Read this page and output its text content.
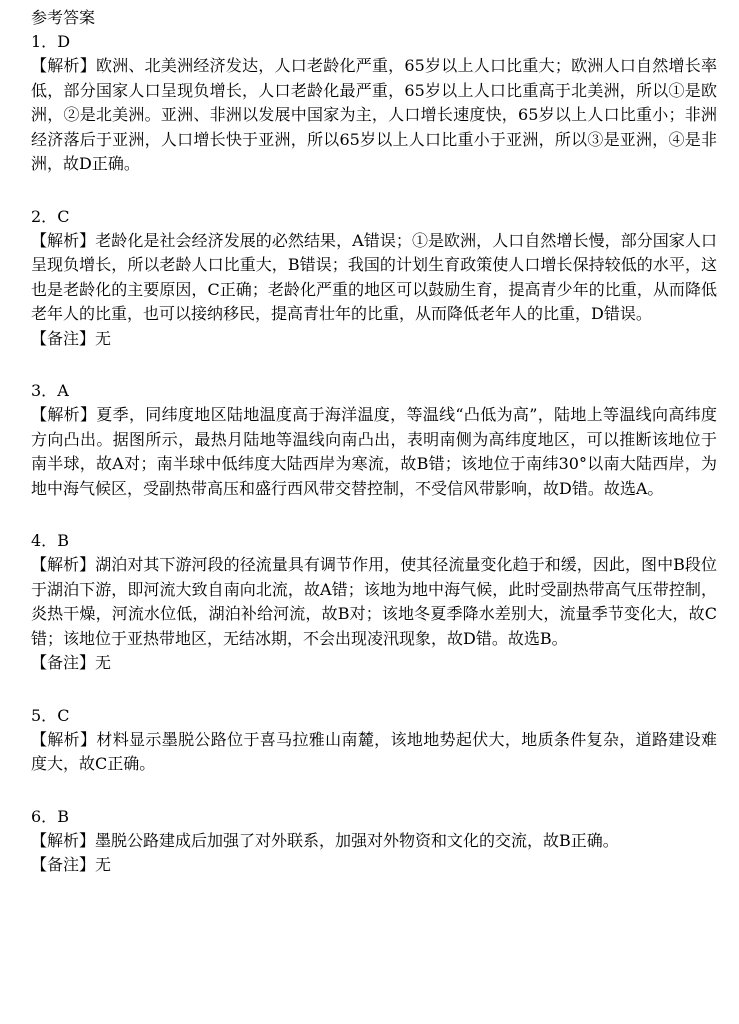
参考答案
1．D
【解析】欧洲、北美洲经济发达，人口老龄化严重，65岁以上人口比重大；欧洲人口自然增长率低，部分国家人口呈现负增长，人口老龄化最严重，65岁以上人口比重高于北美洲，所以①是欧洲，②是北美洲。亚洲、非洲以发展中国家为主，人口增长速度快，65岁以上人口比重小；非洲经济落后于亚洲，人口增长快于亚洲，所以65岁以上人口比重小于亚洲，所以③是亚洲，④是非洲，故D正确。
2．C
【解析】老龄化是社会经济发展的必然结果，A错误；①是欧洲，人口自然增长慢，部分国家人口呈现负增长，所以老龄人口比重大，B错误；我国的计划生育政策使人口增长保持较低的水平，这也是老龄化的主要原因，C正确；老龄化严重的地区可以鼓励生育，提高青少年的比重，从而降低老年人的比重，也可以接纳移民，提高青壮年的比重，从而降低老年人的比重，D错误。
【备注】无
3．A
【解析】夏季，同纬度地区陆地温度高于海洋温度，等温线“凸低为高”，陆地上等温线向高纬度方向凸出。据图所示，最热月陆地等温线向南凸出，表明南侧为高纬度地区，可以推断该地位于南半球，故A对；南半球中低纬度大陆西岸为寒流，故B错；该地位于南纬30°以南大陆西岸，为地中海气候区，受副热带高压和盛行西风带交替控制，不受信风带影响，故D错。故选A。
4．B
【解析】湖泊对其下游河段的径流量具有调节作用，使其径流量变化趋于和缓，因此，图中B段位于湖泊下游，即河流大致自南向北流，故A错；该地为地中海气候，此时受副热带高气压带控制，炎热干燥，河流水位低，湖泊补给河流，故B对；该地冬夏季降水差别大，流量季节变化大，故C错；该地位于亚热带地区，无结冰期，不会出现凌汛现象，故D错。故选B。
【备注】无
5．C
【解析】材料显示墨脱公路位于喜马拉雅山南麓，该地地势起伏大，地质条件复杂，道路建设难度大，故C正确。
6．B
【解析】墨脱公路建成后加强了对外联系，加强对外物资和文化的交流，故B正确。
【备注】无
